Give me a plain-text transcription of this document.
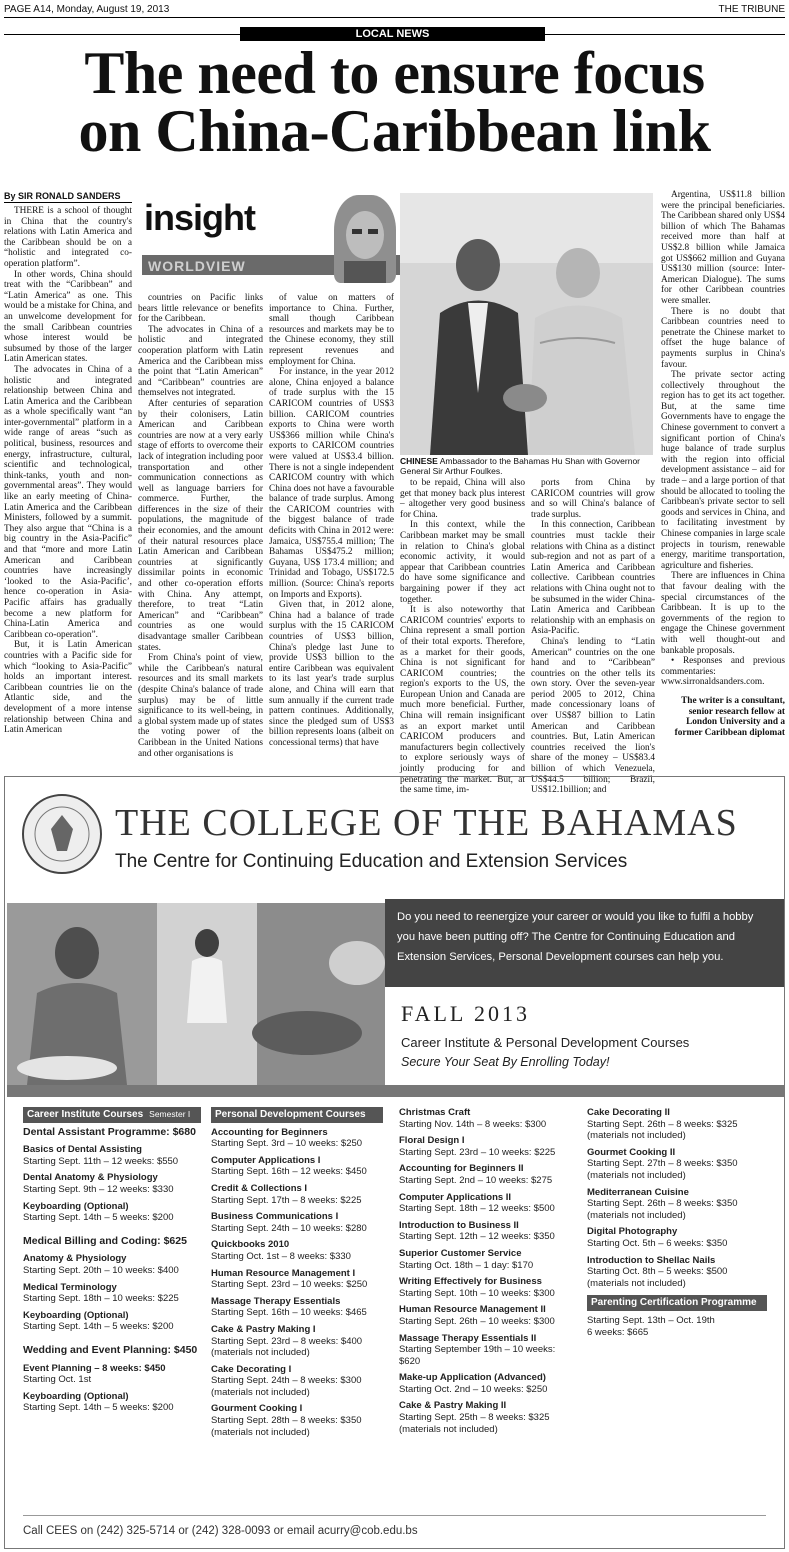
PAGE A14, Monday, August 19, 2013	THE TRIBUNE
LOCAL NEWS
The need to ensure focus
on China-Caribbean link
By SIR RONALD SANDERS
insight
WORLDVIEW

THERE is a school of thought in China that the country's relations with Latin America and the Caribbean should be on a “holistic and integrated co-operation platform”.

In other words, China should treat with the “Caribbean” and “Latin America” as one. This would be a mistake for China, and an unwelcome development for the small Caribbean countries whose interest would be subsumed by those of the larger Latin American states.

The advocates in China of a holistic and integrated relationship between China and Latin America and the Caribbean as a whole specifically want “an inter-governmental” platform in a wide range of areas “such as political, business, resources and energy, infrastructure, cultural, scientific and technological, think-tanks, youth and non-governmental areas”. They would like an early meeting of China-Latin America and the Caribbean Ministers, followed by a summit. They also argue that “China is a big country in the Asia-Pacific” and that “more and more Latin American and Caribbean countries have increasingly ‘looked to the Asia-Pacific’, hence co-operation in Asia-Pacific affairs has gradually become a new platform for China-Latin America and Caribbean co-operation”.

But, it is Latin American countries with a Pacific side for which “looking to Asia-Pacific” holds an important interest. Caribbean countries lie on the Atlantic side, and the development of a more intense relationship between China and Latin American

countries on Pacific links bears little relevance or benefits for the Caribbean.

The advocates in China of a holistic and integrated cooperation platform with Latin America and the Caribbean miss the point that “Latin American” and “Caribbean” countries are themselves not integrated.

After centuries of separation by their colonisers, Latin American and Caribbean countries are now at a very early stage of efforts to overcome their lack of integration including poor transportation and other communication connections as well as language barriers for commerce. Further, the differences in the size of their populations, the magnitude of their economies, and the amount of their natural resources place Latin American and Caribbean countries at significantly dissimilar points in economic and other co-operation efforts with China. Any attempt, therefore, to treat “Latin American” and “Caribbean” countries as one would disadvantage smaller Caribbean states.

From China's point of view, while the Caribbean's natural resources and its small markets (despite China's balance of trade surplus) may be of little significance to its well-being, in a global system made up of states the voting power of the Caribbean in the United Nations and other organisations is

of value on matters of importance to China. Further, small though Caribbean resources and markets may be to the Chinese economy, they still represent revenues and employment for China.

For instance, in the year 2012 alone, China enjoyed a balance of trade surplus with the 15 CARICOM countries of US$3 billion. CARICOM countries exports to China were worth US$366 million while China's exports to CARICOM countries were valued at US$3.4 billion. There is not a single independent CARICOM country with which China does not have a favourable balance of trade surplus. Among the CARICOM countries with the biggest balance of trade deficits with China in 2012 were: Jamaica, US$755.4 million; The Bahamas US$475.2 million; Guyana, US$ 173.4 million; and Trinidad and Tobago, US$172.5 million. (Source: China's reports on Imports and Exports).

Given that, in 2012 alone, China had a balance of trade surplus with the 15 CARICOM countries of US$3 billion, China's pledge last June to provide US$3 billion to the entire Caribbean was equivalent to its last year's trade surplus alone, and China will earn that sum annually if the current trade pattern continues. Additionally, since the pledged sum of US$3 billion represents loans (albeit on concessional terms) that have

CHINESE Ambassador to the Bahamas Hu Shan with Governor General Sir Arthur Foulkes.

to be repaid, China will also get that money back plus interest – altogether very good business for China.

In this context, while the Caribbean market may be small in relation to China's global economic activity, it would appear that Caribbean countries do have some significance and bargaining power if they act together.

It is also noteworthy that CARICOM countries' exports to China represent a small portion of their total exports. Therefore, as a market for their goods, China is not significant for CARICOM countries; the region's exports to the US, the European Union and Canada are much more beneficial. Further, China will remain insignificant as an export market until CARICOM producers and manufacturers begin collectively to explore seriously ways of jointly producing for and penetrating the market. But, at the same time, im-

ports from China by CARICOM countries will grow and so will China's balance of trade surplus.

In this connection, Caribbean countries must tackle their relations with China as a distinct sub-region and not as part of a Latin America and Caribbean collective. Caribbean countries relations with China ought not to be subsumed in the wider China-Latin America and Caribbean relationship with an emphasis on Asia-Pacific.

China's lending to “Latin American” countries on the one hand and to “Caribbean” countries on the other tells its own story. Over the seven-year period 2005 to 2012, China made concessionary loans of over US$87 billion to Latin American and Caribbean countries. But, Latin American countries received the lion's share of the money – US$83.4 billion of which Venezuela, US$44.5 billion; Brazil, US$12.1billion; and

Argentina, US$11.8 billion were the principal beneficiaries. The Caribbean shared only US$4 billion of which The Bahamas received more than half at US$2.8 billion while Jamaica got US$662 million and Guyana US$130 million (source: Inter-American Dialogue). The sums for other Caribbean countries were smaller.

There is no doubt that Caribbean countries need to penetrate the Chinese market to offset the huge balance of payments surplus in China's favour.

The private sector acting collectively throughout the region has to get its act together. But, at the same time Governments have to engage the Chinese government to convert a significant portion of China's huge balance of trade surplus with the region into official development assistance – aid for trade – and a large portion of that should be allocated to tooling the Caribbean's private sector to sell goods and services in China, and to facilitating investment by Chinese companies in large scale projects in tourism, renewable energy, maritime transportation, agriculture and fisheries.

There are influences in China that favour dealing with the special circumstances of the Caribbean. It is up to the governments of the region to engage the Chinese government with well thought-out and bankable proposals.

• Responses and previous commentaries: www.sirronaldsanders.com.

The writer is a consultant, senior research fellow at London University and a former Caribbean diplomat

THE COLLEGE OF THE BAHAMAS
The Centre for Continuing Education and Extension Services
Do you need to reenergize your career or would you like to fulfil a hobby you have been putting off? The Centre for Continuing Education and Extension Services, Personal Development courses can help you.
FALL 2013
Career Institute & Personal Development Courses
Secure Your Seat By Enrolling Today!
Career Institute Courses Semester I
Dental Assistant Programme: $680
Basics of Dental Assisting
Starting Sept. 11th – 12 weeks: $550
Dental Anatomy & Physiology
Starting Sept. 9th – 12 weeks: $330
Keyboarding (Optional)
Starting Sept. 14th – 5 weeks: $200
Medical Billing and Coding: $625
Anatomy & Physiology
Starting Sept. 20th – 10 weeks: $400
Medical Terminology
Starting Sept. 18th – 10 weeks: $225
Keyboarding (Optional)
Starting Sept. 14th – 5 weeks: $200
Wedding and Event Planning: $450
Event Planning – 8 weeks: $450
Starting Oct. 1st
Keyboarding (Optional)
Starting Sept. 14th – 5 weeks: $200
Personal Development Courses
Accounting for Beginners
Starting Sept. 3rd – 10 weeks: $250
Computer Applications I
Starting Sept. 16th – 12 weeks: $450
Credit & Collections I
Starting Sept. 17th – 8 weeks: $225
Business Communications I
Starting Sept. 24th – 10 weeks: $280
Quickbooks 2010
Starting Oct. 1st – 8 weeks: $330
Human Resource Management I
Starting Sept. 23rd – 10 weeks: $250
Massage Therapy Essentials
Starting Sept. 16th – 10 weeks: $465
Cake & Pastry Making I
Starting Sept. 23rd – 8 weeks: $400
(materials not included)
Cake Decorating I
Starting Sept. 24th – 8 weeks: $300
(materials not included)
Gourment Cooking I
Starting Sept. 28th – 8 weeks: $350
(materials not included)
Christmas Craft
Starting Nov. 14th – 8 weeks: $300
Floral Design I
Starting Sept. 23rd – 10 weeks: $225
Accounting for Beginners II
Starting Sept. 2nd – 10 weeks: $275
Computer Applications II
Starting Sept. 18th – 12 weeks: $500
Introduction to Business II
Starting Sept. 12th – 12 weeks: $350
Superior Customer Service
Starting Oct. 18th – 1 day: $170
Writing Effectively for Business
Starting Sept. 10th – 10 weeks: $300
Human Resource Management II
Starting Sept. 26th – 10 weeks: $300
Massage Therapy Essentials II
Starting September 19th – 10 weeks:
$620
Make-up Application (Advanced)
Starting Oct. 2nd – 10 weeks: $250
Cake & Pastry Making II
Starting Sept. 25th – 8 weeks: $325
(materials not included)
Cake Decorating II
Starting Sept. 26th – 8 weeks: $325
(materials not included)
Gourmet Cooking II
Starting Sept. 27th – 8 weeks: $350
(materials not included)
Mediterranean Cuisine
Starting Sept. 26th – 8 weeks: $350
(materials not included)
Digital Photography
Starting Oct. 5th – 6 weeks: $350
Introduction to Shellac Nails
Starting Oct. 8th – 5 weeks: $500
(materials not included)
Parenting Certification Programme
Starting Sept. 13th – Oct. 19th
6 weeks: $665
Call CEES on (242) 325-5714 or (242) 328-0093 or email acurry@cob.edu.bs
